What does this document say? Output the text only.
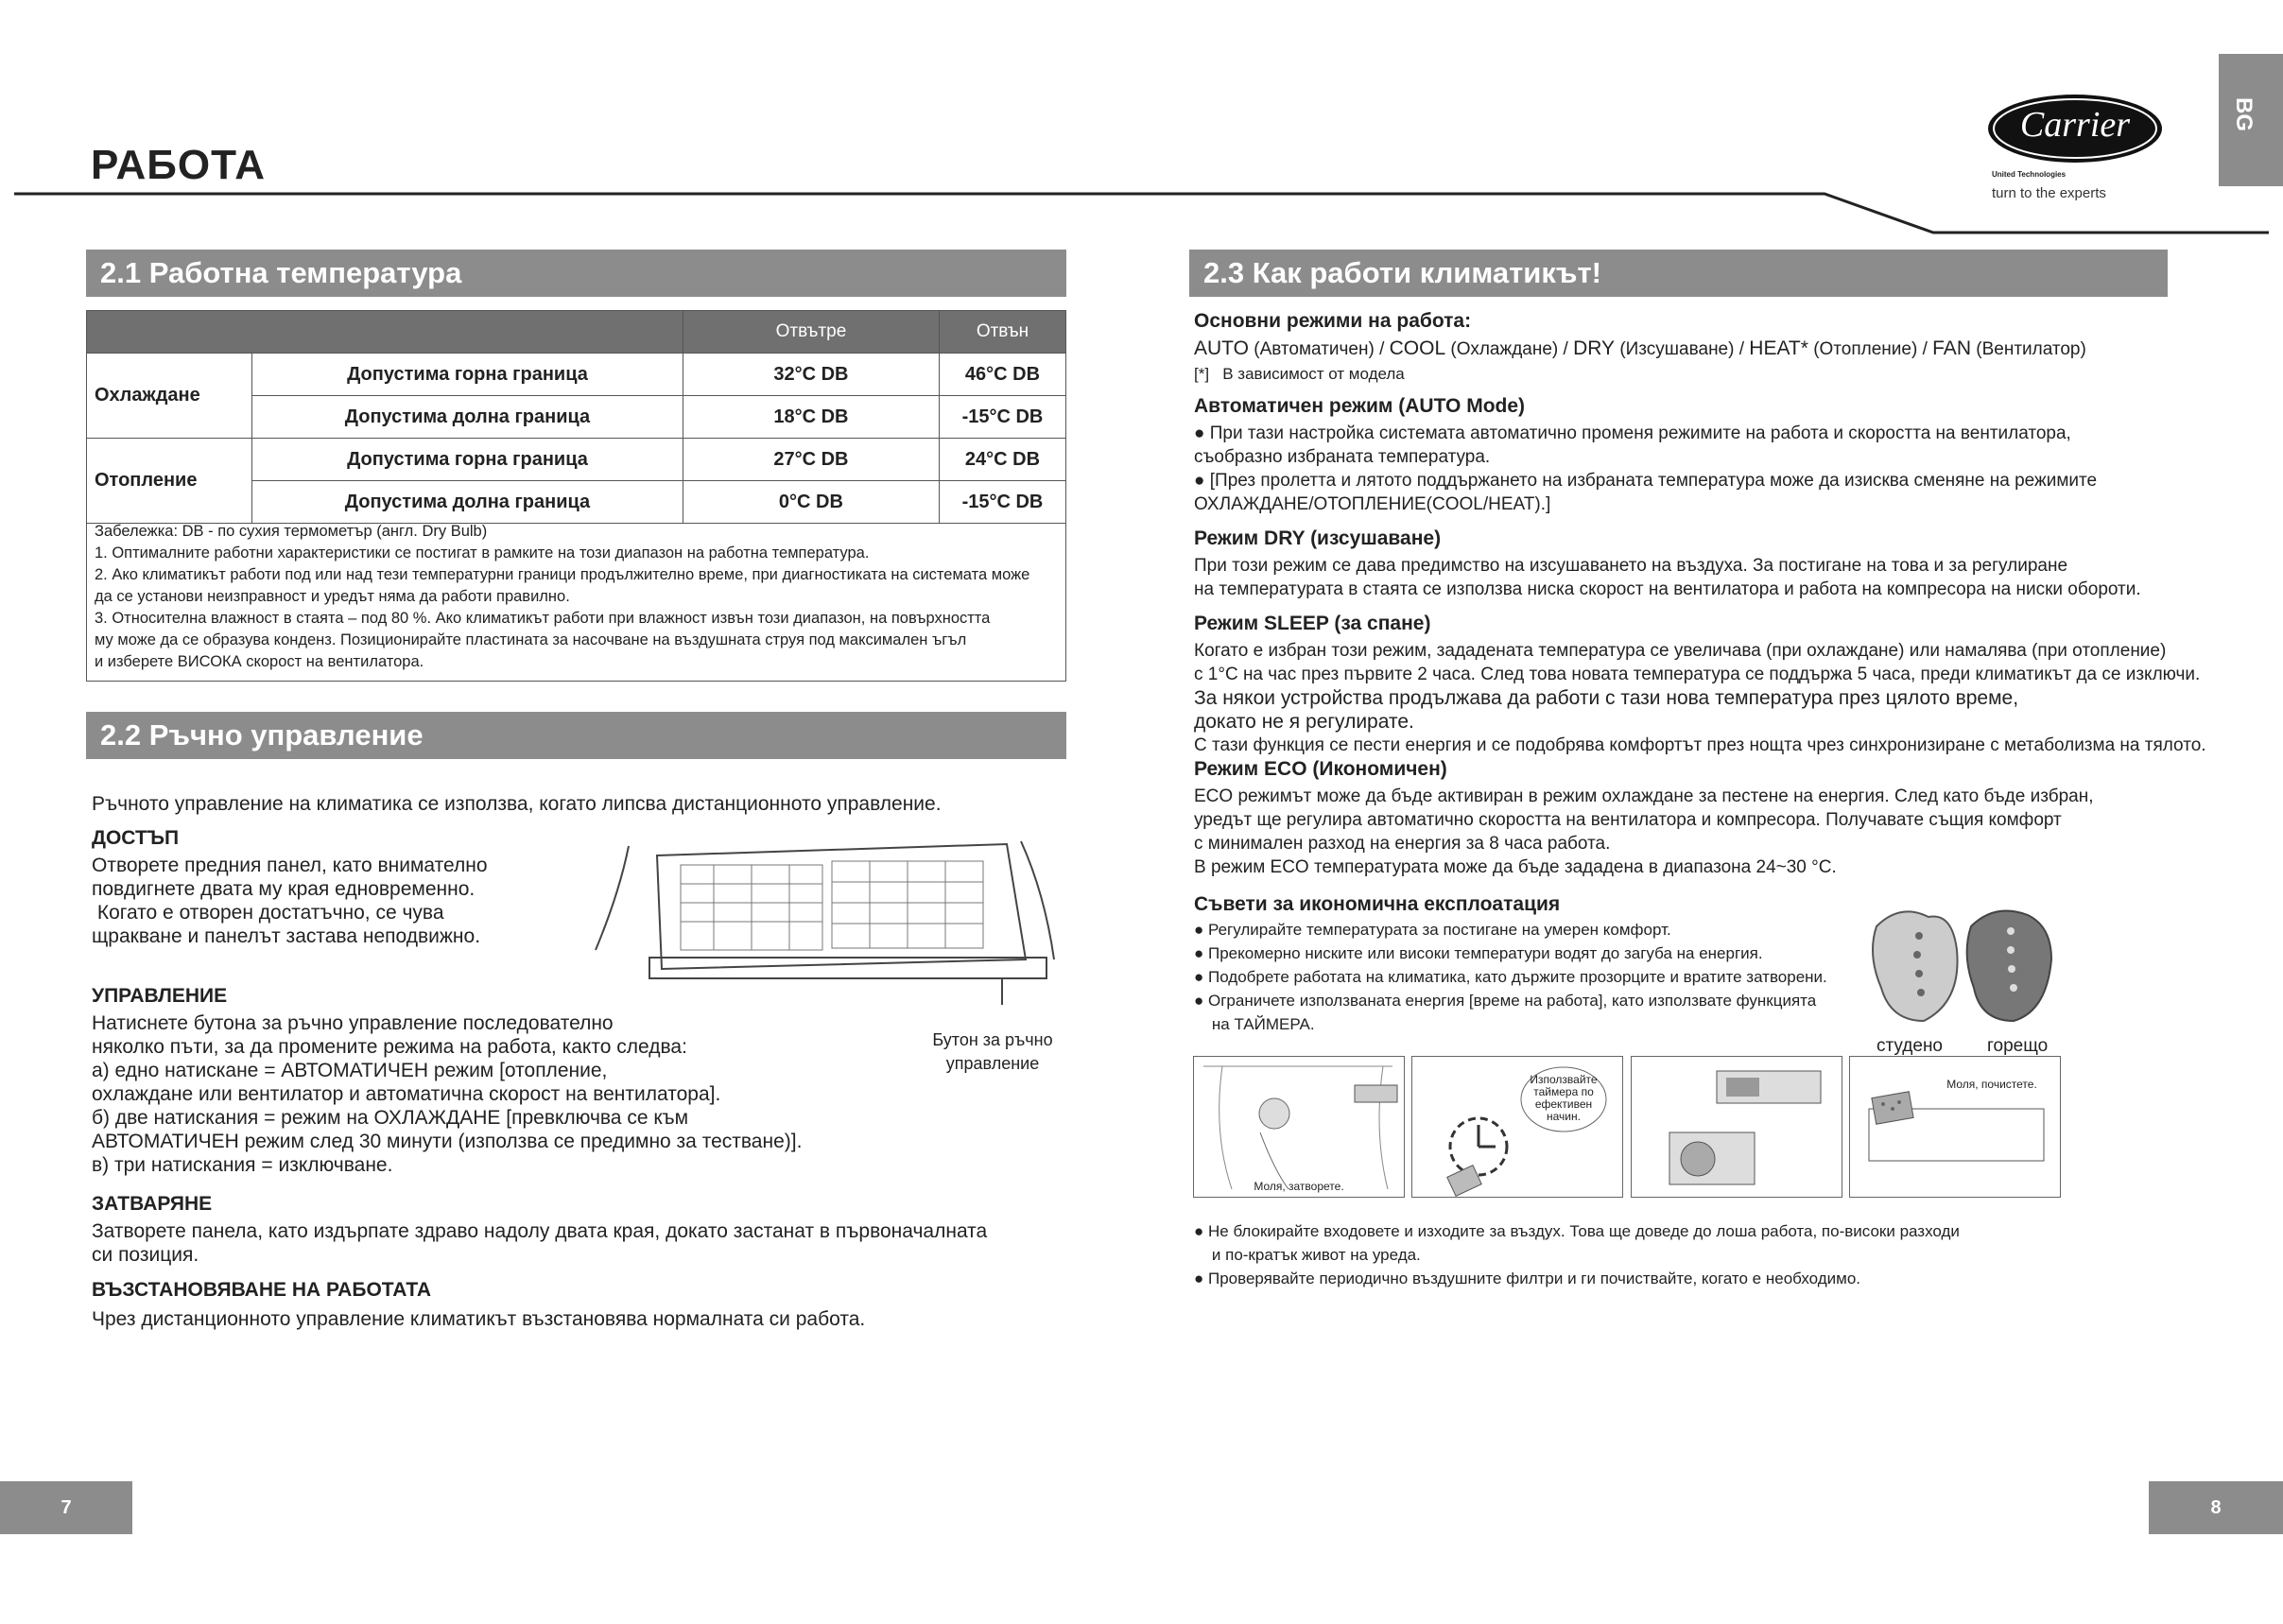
РАБОТА
Carrier
United Technologies
turn to the experts
BG
2.1 Работна температура
		Отвътре	Отвън
Охлаждане	Допустима горна граница	32°C DB	46°C DB
	Допустима долна граница	18°C DB	-15°C DB
Отопление	Допустима горна граница	27°C DB	24°C DB
	Допустима долна граница	0°C DB	-15°C DB
Забележка: DB - по сухия термометър (англ. Dry Bulb)
1. Оптималните работни характеристики се постигат в рамките на този диапазон на работна температура.
2. Ако климатикът работи под или над тези температурни граници продължително време, при диагностиката на системата може
да се установи неизправност и уредът няма да работи правилно.
3. Относителна влажност в стаята – под 80 %. Ако климатикът работи при влажност извън този диапазон, на повърхността
му може да се образува конденз. Позиционирайте пластината за насочване на въздушната струя под максимален ъгъл
и изберете ВИСОКА скорост на вентилатора.
2.2 Ръчно управление
Ръчното управление на климатика се използва, когато липсва дистанционното управление.
ДОСТЪП
Отворете предния панел, като внимателно
повдигнете двата му края едновременно.
Когато е отворен достатъчно, се чува
щракване и панелът застава неподвижно.
УПРАВЛЕНИЕ
Натиснете бутона за ръчно управление последователно
няколко пъти, за да промените режима на работа, както следва:
а) едно натискане = АВТОМАТИЧЕН режим [отопление,
охлаждане или вентилатор и автоматична скорост на вентилатора].
б) две натискания = режим на ОХЛАЖДАНЕ [превключва се към
АВТОМАТИЧЕН режим след 30 минути (използва се предимно за тестване)].
в) три натискания = изключване.
Бутон за ръчно
управление
ЗАТВАРЯНЕ
Затворете панела, като издърпате здраво надолу двата края, докато застанат в първоначалната
си позиция.
ВЪЗСТАНОВЯВАНЕ НА РАБОТАТА
Чрез дистанционното управление климатикът възстановява нормалната си работа.
2.3 Как работи климатикът!
Основни режими на работа:
AUTO (Автоматичен) / COOL (Охлаждане) / DRY (Изсушаване) / HEAT* (Отопление) / FAN (Вентилатор)
[*]   В зависимост от модела
Автоматичен режим (AUTO Mode)
● При тази настройка системата автоматично променя режимите на работа и скоростта на вентилатора,
съобразно избраната температура.
● [През пролетта и лятото поддържането на избраната температура може да изисква сменяне на режимите
ОХЛАЖДАНЕ/ОТОПЛЕНИЕ(COOL/HEAT).]
Режим DRY (изсушаване)
При този режим се дава предимство на изсушаването на въздуха. За постигане на това и за регулиране
на температурата в стаята се използва ниска скорост на вентилатора и работа на компресора на ниски обороти.
Режим SLEEP (за спане)
Когато е избран този режим, зададената температура се увеличава (при охлаждане) или намалява (при отопление)
с 1°C на час през първите 2 часа. След това новата температура се поддържа 5 часа, преди климатикът да се изключи.
За някои устройства продължава да работи с тази нова температура през цялото време,
докато не я регулирате.
С тази функция се пести енергия и се подобрява комфортът през нощта чрез синхронизиране с метаболизма на тялото.
Режим ECO (Икономичен)
ECO режимът може да бъде активиран в режим охлаждане за пестене на енергия. След като бъде избран,
уредът ще регулира автоматично скоростта на вентилатора и компресора. Получавате същия комфорт
с минимален разход на енергия за 8 часа работа.
В режим ECO температурата може да бъде зададена в диапазона 24~30 °C.
Съвети за икономична експлоатация
● Регулирайте температурата за постигане на умерен комфорт.
● Прекомерно ниските или високи температури водят до загуба на енергия.
● Подобрете работата на климатика, като държите прозорците и вратите затворени.
● Ограничете използваната енергия [време на работа], като използвате функцията
на ТАЙМЕРА.
студено горещо
Моля, затворете.
Използвайте
таймера по
ефективен
начин.
Моля, почистете.
● Не блокирайте входовете и изходите за въздух. Това ще доведе до лоша работа, по-високи разходи
и по-кратък живот на уреда.
● Проверявайте периодично въздушните филтри и ги почиствайте, когато е необходимо.
7	8
